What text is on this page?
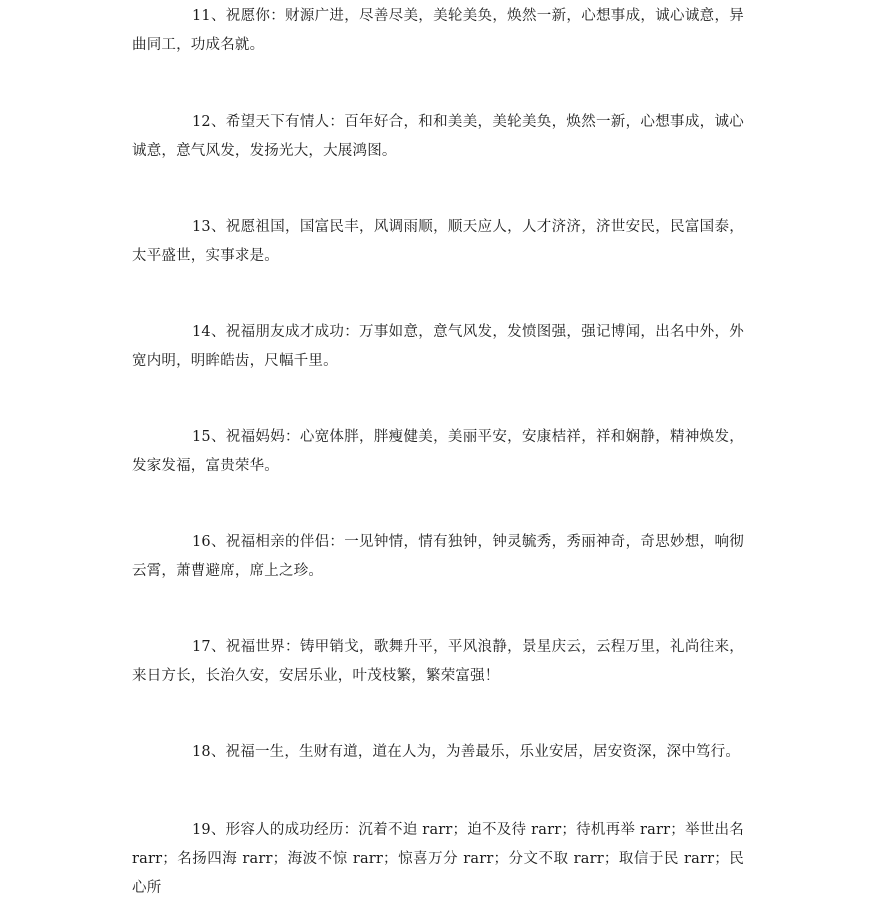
11、祝愿你：财源广进，尽善尽美，美轮美奂，焕然一新，心想事成，诚心诚意，异曲同工，功成名就。

12、希望天下有情人：百年好合，和和美美，美轮美奂，焕然一新，心想事成，诚心诚意，意气风发，发扬光大，大展鸿图。

13、祝愿祖国，国富民丰，风调雨顺，顺天应人，人才济济，济世安民，民富国泰，太平盛世，实事求是。

14、祝福朋友成才成功：万事如意，意气风发，发愤图强，强记博闻，出名中外，外宽内明，明眸皓齿，尺幅千里。

15、祝福妈妈：心宽体胖，胖瘦健美，美丽平安，安康桔祥，祥和娴静，精神焕发，发家发福，富贵荣华。

16、祝福相亲的伴侣：一见钟情，情有独钟，钟灵毓秀，秀丽神奇，奇思妙想，响彻云霄，萧曹避席，席上之珍。

17、祝福世界：铸甲销戈，歌舞升平，平风浪静，景星庆云，云程万里，礼尚往来，来日方长，长治久安，安居乐业，叶茂枝繁，繁荣富强！

18、祝福一生，生财有道，道在人为，为善最乐，乐业安居，居安资深，深中笃行。

19、形容人的成功经历：沉着不迫 rarr；迫不及待 rarr；待机再举 rarr；举世出名 rarr；名扬四海 rarr；海波不惊 rarr；惊喜万分 rarr；分文不取 rarr；取信于民 rarr；民心所
